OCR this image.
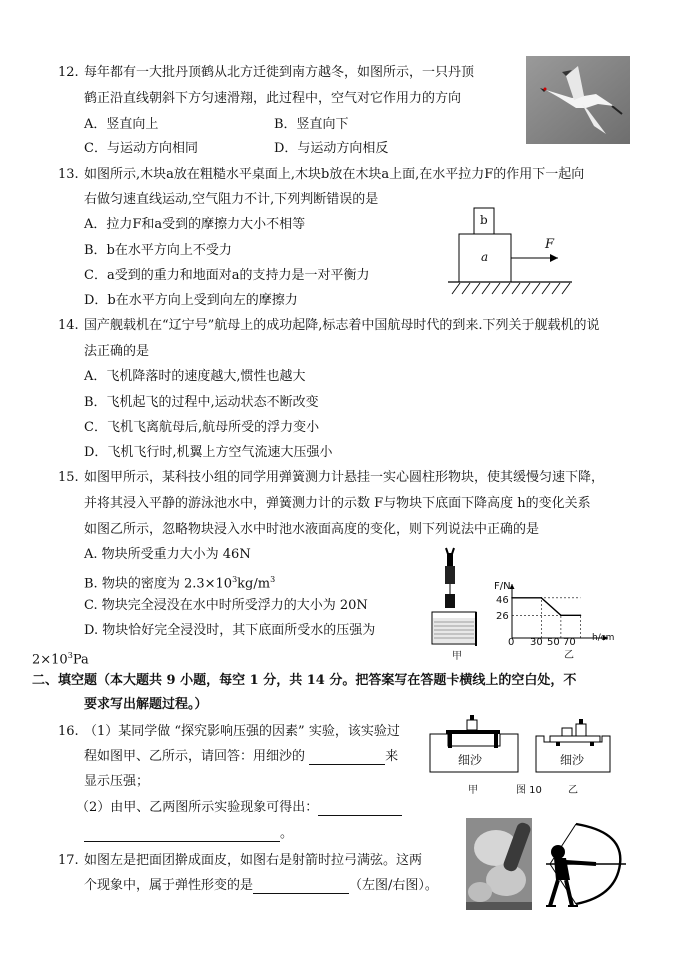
12. 每年都有一大批丹顶鹤从北方迁徙到南方越冬，如图所示，一只丹顶
鹤正沿直线朝斜下方匀速滑翔，此过程中，空气对它作用力的方向
A．竖直向上	B．竖直向下
C．与运动方向相同	D．与运动方向相反
13. 如图所示,木块a放在粗糙水平桌面上,木块b放在木块a上面,在水平拉力F的作用下一起向
右做匀速直线运动,空气阻力不计,下列判断错误的是
A．拉力F和a受到的摩擦力大小不相等
B．b在水平方向上不受力
C．a受到的重力和地面对a的支持力是一对平衡力
D．b在水平方向上受到向左的摩擦力
b
a
F
14. 国产舰载机在“辽宁号”航母上的成功起降,标志着中国航母时代的到来.下列关于舰载机的说
法正确的是
A．飞机降落时的速度越大,惯性也越大
B．飞机起飞的过程中,运动状态不断改变
C．飞机飞离航母后,航母所受的浮力变小
D．飞机飞行时,机翼上方空气流速大压强小
15. 如图甲所示，某科技小组的同学用弹簧测力计悬挂一实心圆柱形物块，使其缓慢匀速下降，
并将其浸入平静的游泳池水中，弹簧测力计的示数 F与物块下底面下降高度 h的变化关系
如图乙所示，忽略物块浸入水中时池水液面高度的变化，则下列说法中正确的是
A. 物块所受重力大小为 46N
B. 物块的密度为 $2.3\times 10^3kg/m^3$
C. 物块完全浸没在水中时所受浮力的大小为 20N
D. 物块恰好完全浸没时，其下底面所受水的压强为
$2\times 10^3Pa$	甲
F/N
h/cm
46
26
0 30 50 70
乙
二、填空题（本大题共 9 小题，每空 1 分，共 14 分。把答案写在答题卡横线上的空白处，不
要求写出解题过程。）
16. （1）某同学做 “探究影响压强的因素” 实验，该实验过
程如图甲、乙所示，请回答：用细沙的	来
显示压强；
（2）由甲、乙两图所示实验现象可得出：
。
细沙	细沙
甲	图 10	乙
17. 如图左是把面团擀成面皮，如图右是射箭时拉弓满弦。这两
个现象中，属于弹性形变的是	（左图/右图）。
